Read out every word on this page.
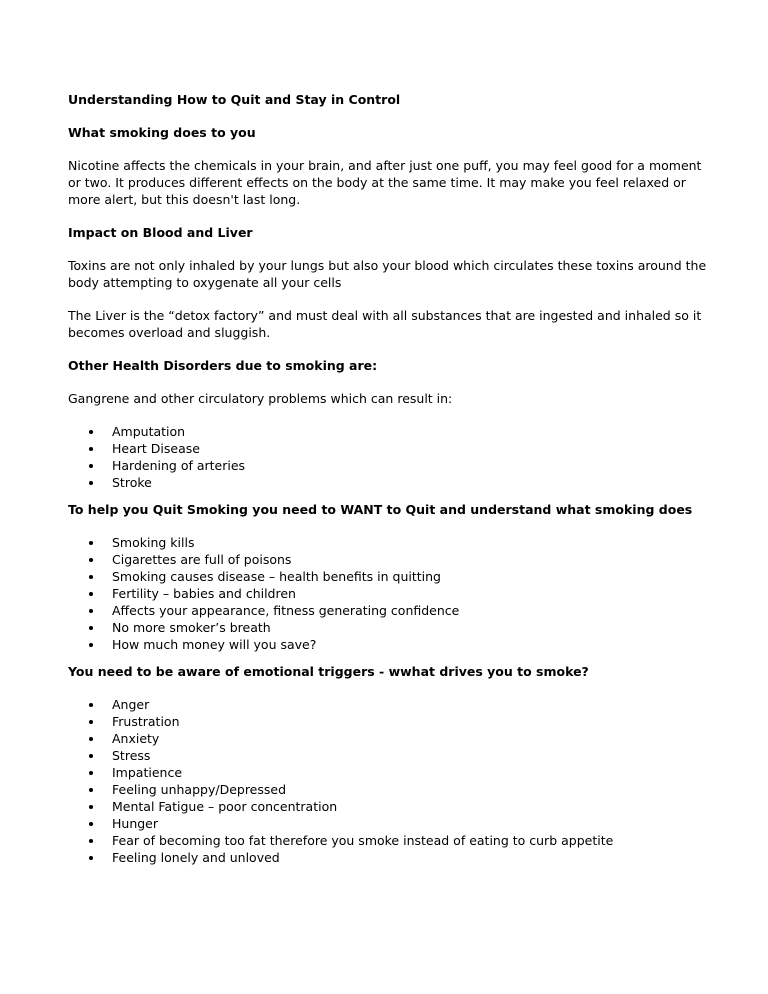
Understanding How to Quit and Stay in Control

What smoking does to you

Nicotine affects the chemicals in your brain, and after just one puff, you may feel good for a moment or two. It produces different effects on the body at the same time. It may make you feel relaxed or more alert, but this doesn't last long.

Impact on Blood and Liver

Toxins are not only inhaled by your lungs but also your blood which circulates these toxins around the body attempting to oxygenate all your cells

The Liver is the “detox factory” and must deal with all substances that are ingested and inhaled so it becomes overload and sluggish.

Other Health Disorders due to smoking are:

Gangrene and other circulatory problems which can result in:

Amputation
Heart Disease
Hardening of arteries
Stroke

To help you Quit Smoking you need to WANT to Quit and understand what smoking does

Smoking kills
Cigarettes are full of poisons
Smoking causes disease – health benefits in quitting
Fertility – babies and children
Affects your appearance, fitness generating confidence
No more smoker’s breath
How much money will you save?

You need to be aware of emotional triggers - wwhat drives you to smoke?

Anger
Frustration
Anxiety
Stress
Impatience
Feeling unhappy/Depressed
Mental Fatigue – poor concentration
Hunger
Fear of becoming too fat therefore you smoke instead of eating to curb appetite
Feeling lonely and unloved
